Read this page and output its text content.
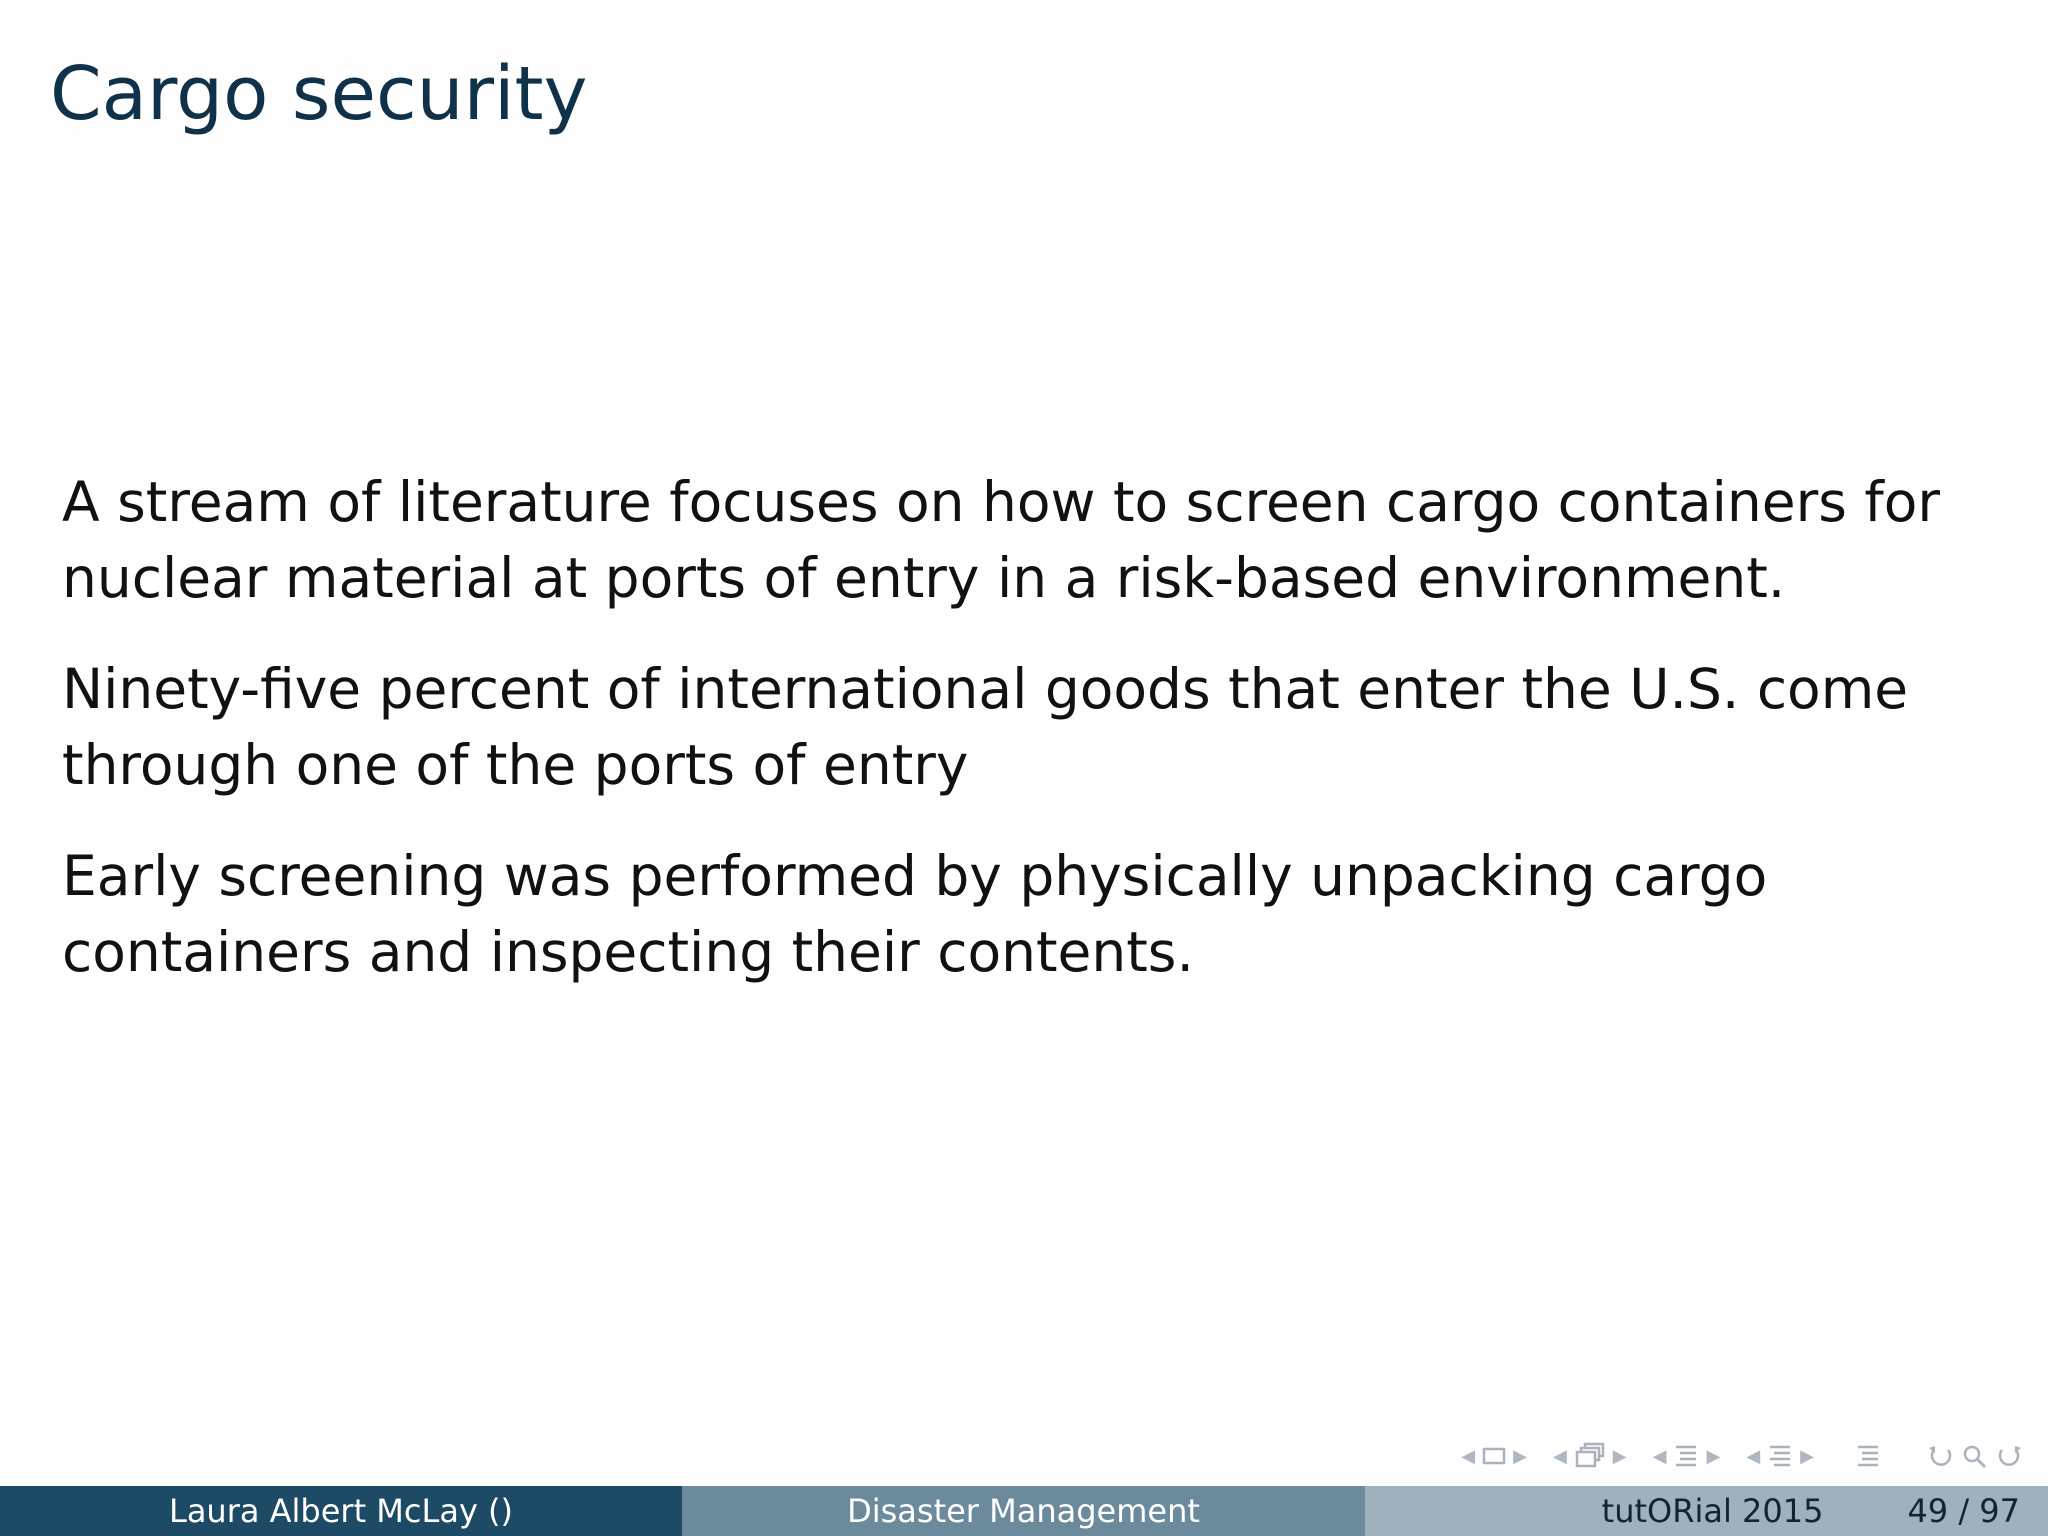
Cargo security

A stream of literature focuses on how to screen cargo containers for nuclear material at ports of entry in a risk-based environment.

Ninety-five percent of international goods that enter the U.S. come through one of the ports of entry

Early screening was performed by physically unpacking cargo containers and inspecting their contents.

◀ ▶ ◀	▶ ◀ ▶ ◀ ▶
Laura Albert McLay ()	Disaster Management	tutORial 2015	49 / 97
